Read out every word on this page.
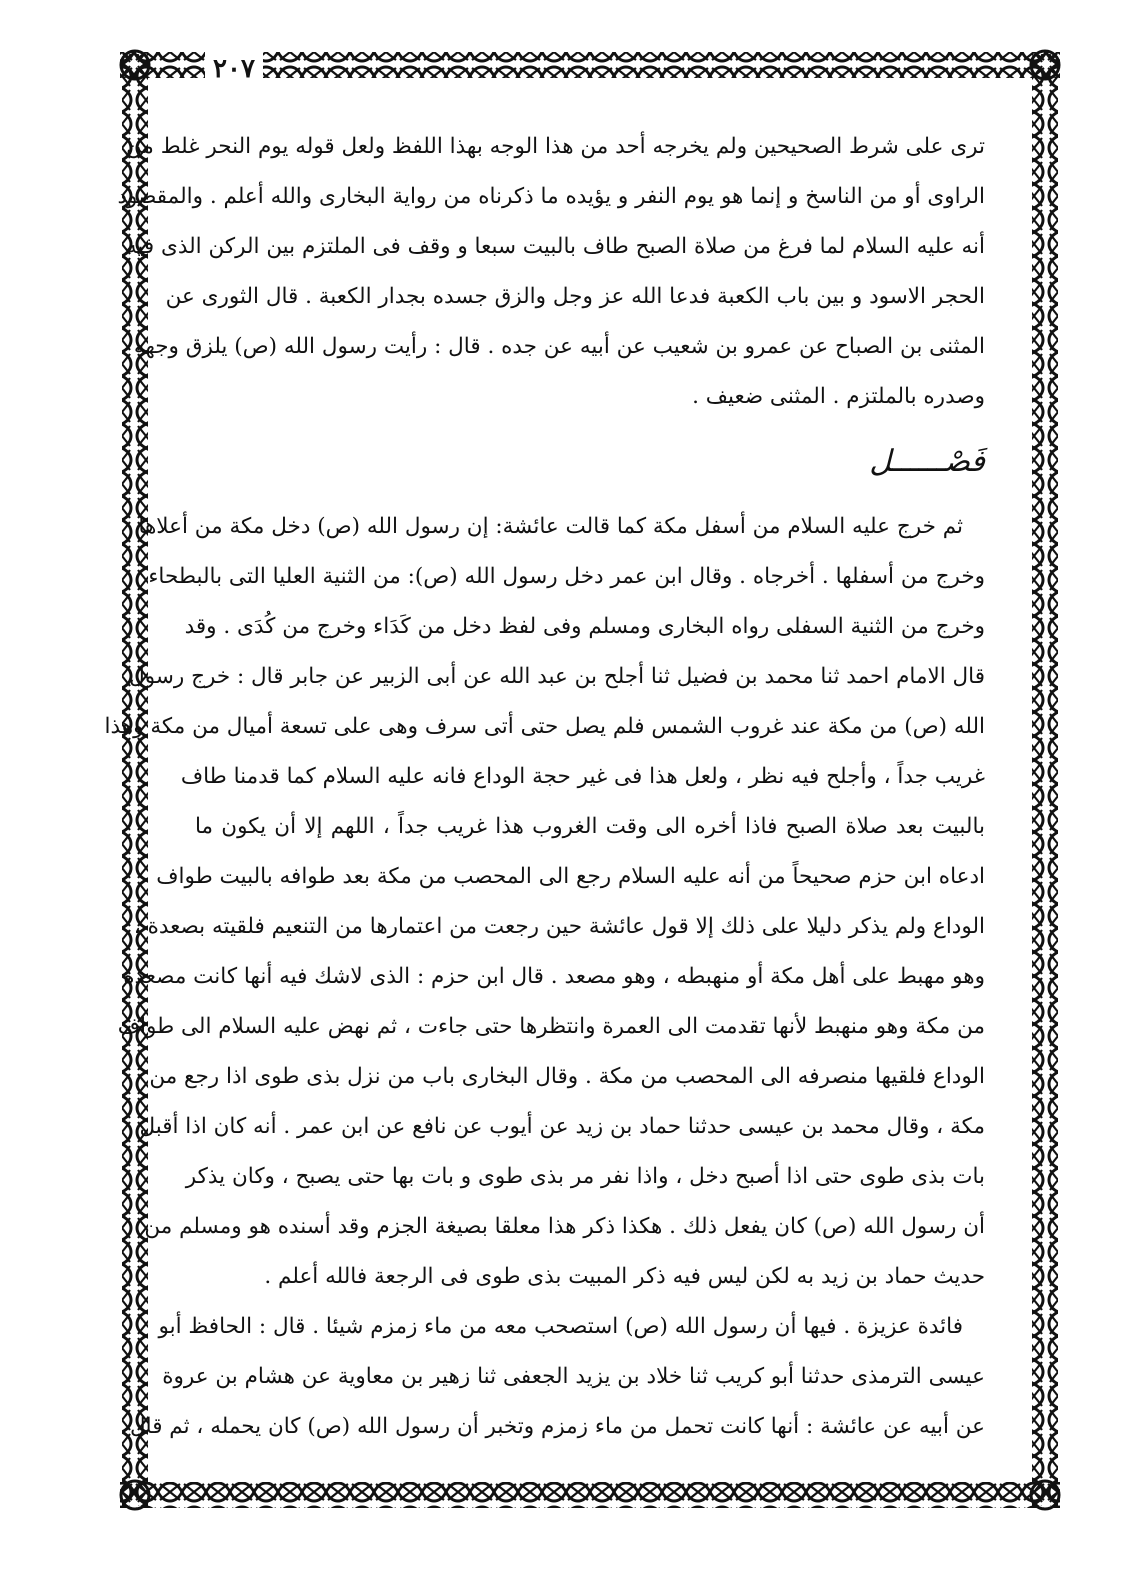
٢٠٧
ترى على شرط الصحيحين ولم يخرجه أحد من هذا الوجه بهذا اللفظ ولعل قوله يوم النحر غلط من
الراوى أو من الناسخ و إنما هو يوم النفر و يؤيده ما ذكرناه من رواية البخارى والله أعلم . والمقصود
أنه عليه السلام لما فرغ من صلاة الصبح طاف بالبيت سبعا و وقف فى الملتزم بين الركن الذى فيه
الحجر الاسود و بين باب الكعبة فدعا الله عز وجل والزق جسده بجدار الكعبة . قال الثورى عن
المثنى بن الصباح عن عمرو بن شعيب عن أبيه عن جده . قال : رأيت رسول الله (ص) يلزق وجهه
وصدره بالملتزم . المثنى ضعيف .
فَصْــــــل
ثم خرج عليه السلام من أسفل مكة كما قالت عائشة: إن رسول الله (ص) دخل مكة من أعلاها
وخرج من أسفلها . أخرجاه . وقال ابن عمر دخل رسول الله (ص): من الثنية العليا التى بالبطحاء
وخرج من الثنية السفلى رواه البخارى ومسلم وفى لفظ دخل من كَدَاء وخرج من كُدَى . وقد
قال الامام احمد ثنا محمد بن فضيل ثنا أجلح بن عبد الله عن أبى الزبير عن جابر قال : خرج رسول
الله (ص) من مكة عند غروب الشمس فلم يصل حتى أتى سرف وهى على تسعة أميال من مكة وهذا
غريب جداً ، وأجلح فيه نظر ، ولعل هذا فى غير حجة الوداع فانه عليه السلام كما قدمنا طاف
بالبيت بعد صلاة الصبح فاذا أخره الى وقت الغروب هذا غريب جداً ، اللهم إلا أن يكون ما
ادعاه ابن حزم صحيحاً من أنه عليه السلام رجع الى المحصب من مكة بعد طوافه بالبيت طواف
الوداع ولم يذكر دليلا على ذلك إلا قول عائشة حين رجعت من اعتمارها من التنعيم فلقيته بصعدة ،
وهو مهبط على أهل مكة أو منهبطه ، وهو مصعد . قال ابن حزم : الذى لاشك فيه أنها كانت مصعدة
من مكة وهو منهبط لأنها تقدمت الى العمرة وانتظرها حتى جاءت ، ثم نهض عليه السلام الى طواف
الوداع فلقيها منصرفه الى المحصب من مكة . وقال البخارى باب من نزل بذى طوى اذا رجع من
مكة ، وقال محمد بن عيسى حدثنا حماد بن زيد عن أيوب عن نافع عن ابن عمر . أنه كان اذا أقبل
بات بذى طوى حتى اذا أصبح دخل ، واذا نفر مر بذى طوى و بات بها حتى يصبح ، وكان يذكر
أن رسول الله (ص) كان يفعل ذلك . هكذا ذكر هذا معلقا بصيغة الجزم وقد أسنده هو ومسلم من
حديث حماد بن زيد به لكن ليس فيه ذكر المبيت بذى طوى فى الرجعة فالله أعلم .
فائدة عزيزة . فيها أن رسول الله (ص) استصحب معه من ماء زمزم شيئا . قال : الحافظ أبو
عيسى الترمذى حدثنا أبو كريب ثنا خلاد بن يزيد الجعفى ثنا زهير بن معاوية عن هشام بن عروة
عن أبيه عن عائشة : أنها كانت تحمل من ماء زمزم وتخبر أن رسول الله (ص) كان يحمله ، ثم قال
